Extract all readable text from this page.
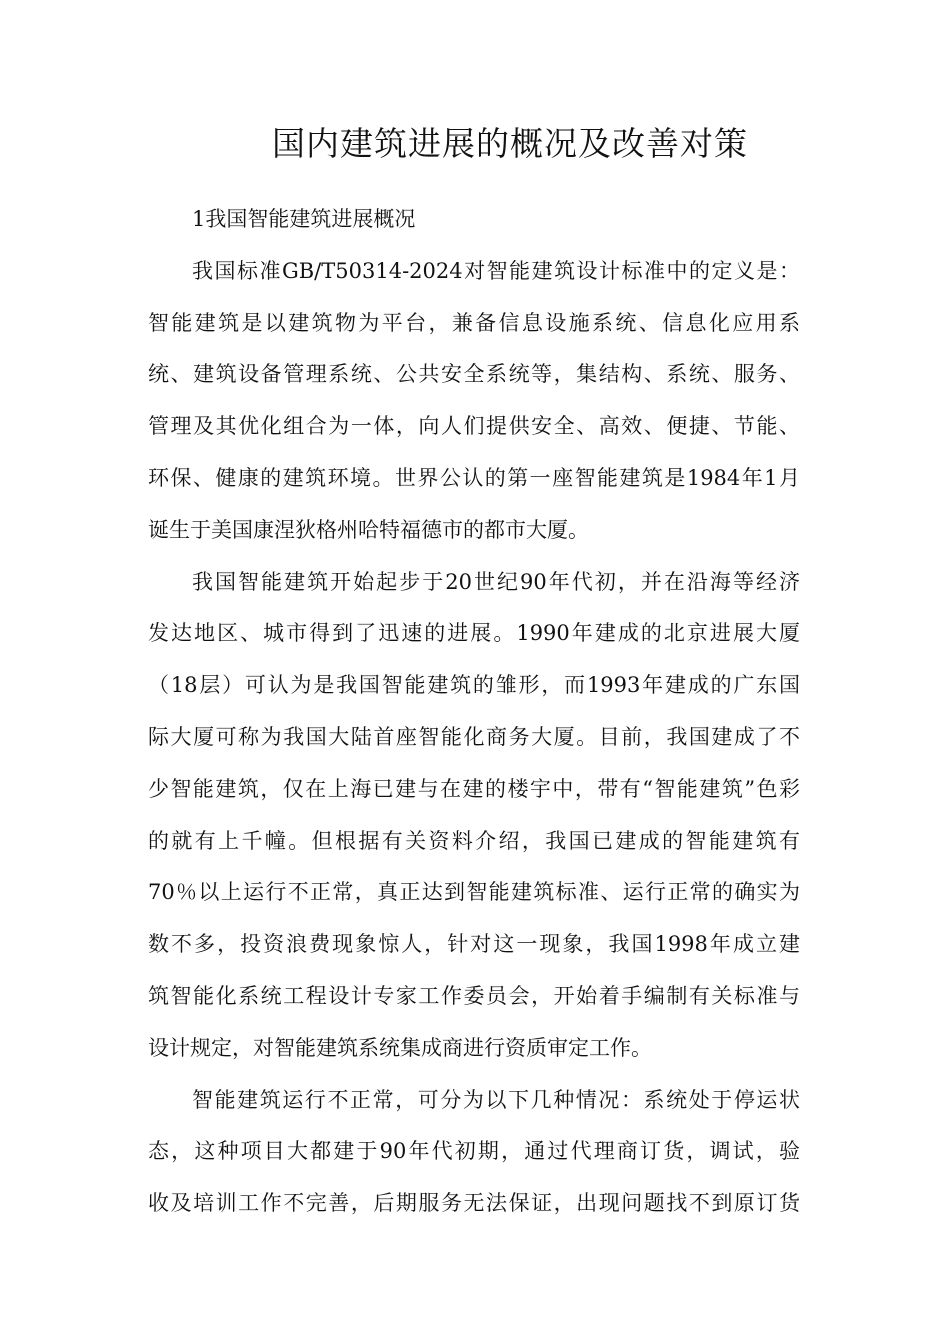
国内建筑进展的概况及改善对策
1我国智能建筑进展概况
我国标准GB/T50314-2024对智能建筑设计标准中的定义是：
智能建筑是以建筑物为平台，兼备信息设施系统、信息化应用系
统、建筑设备管理系统、公共安全系统等，集结构、系统、服务、
管理及其优化组合为一体，向人们提供安全、高效、便捷、节能、
环保、健康的建筑环境。世界公认的第一座智能建筑是1984年1月
诞生于美国康涅狄格州哈特福德市的都市大厦。
我国智能建筑开始起步于20世纪90年代初，并在沿海等经济
发达地区、城市得到了迅速的进展。1990年建成的北京进展大厦
（18层）可认为是我国智能建筑的雏形，而1993年建成的广东国
际大厦可称为我国大陆首座智能化商务大厦。目前，我国建成了不
少智能建筑，仅在上海已建与在建的楼宇中，带有“智能建筑”色彩
的就有上千幢。但根据有关资料介绍，我国已建成的智能建筑有
70％以上运行不正常，真正达到智能建筑标准、运行正常的确实为
数不多，投资浪费现象惊人，针对这一现象，我国1998年成立建
筑智能化系统工程设计专家工作委员会，开始着手编制有关标准与
设计规定，对智能建筑系统集成商进行资质审定工作。
智能建筑运行不正常，可分为以下几种情况：系统处于停运状
态，这种项目大都建于90年代初期，通过代理商订货，调试，验
收及培训工作不完善，后期服务无法保证，出现问题找不到原订货
